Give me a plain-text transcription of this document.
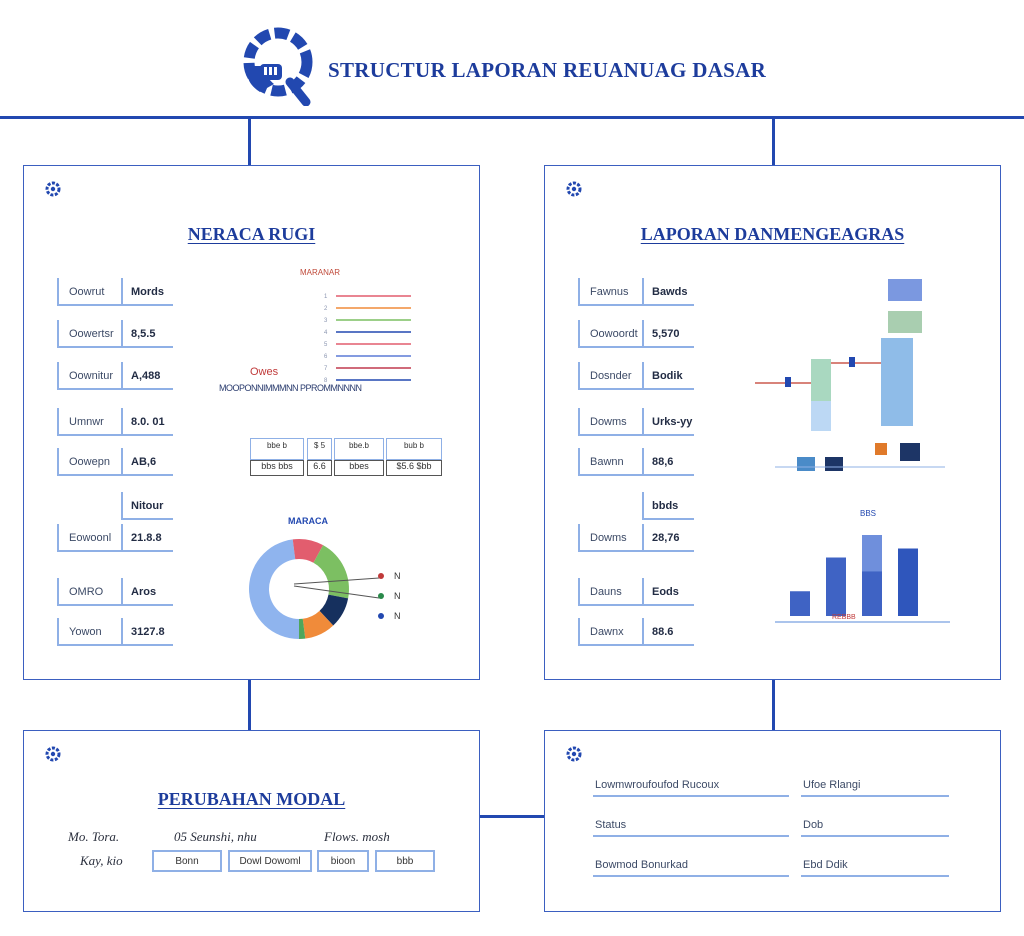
STRUCTUR LAPORAN REUANUAG DASAR
NERACA RUGI
Oowrut	Mords
Oowertsr	8,5.5
Oownitur	A,488
Umnwr	8.0. 01
Oowepn	AB,6
Nitour
Eowoonl	21.8.8
OMRO	Aros
Yowon	3127.8
MARANAR
1
2
3
4
5
6
7
8
Owes
MOOPONNIMMMNN PPROMMNNNN
bbe b	$ 5	bbe.b	bub b
bbs bbs	6.6	bbes	$5.6 $bb
MARACA
N
N
N
LAPORAN DANMENGEAGRAS
Fawnus	Bawds
Oowoordt	5,570
Dosnder	Bodik
Dowms	Urks-yy
Bawnn	88,6
bbds
Dowms	28,76
Dauns	Eods
Dawnx	88.6
BBS
REBBB
PERUBAHAN MODAL
Mo. Tora.	05 Seunshi, nhu	Flows. mosh
Kay, kio	Bonn	Dowl Dowoml	bioon	bbb
Lowmwroufoufod Rucoux	Ufoe Rlangi
Status	Dob
Bowmod Bonurkad	Ebd Ddik
